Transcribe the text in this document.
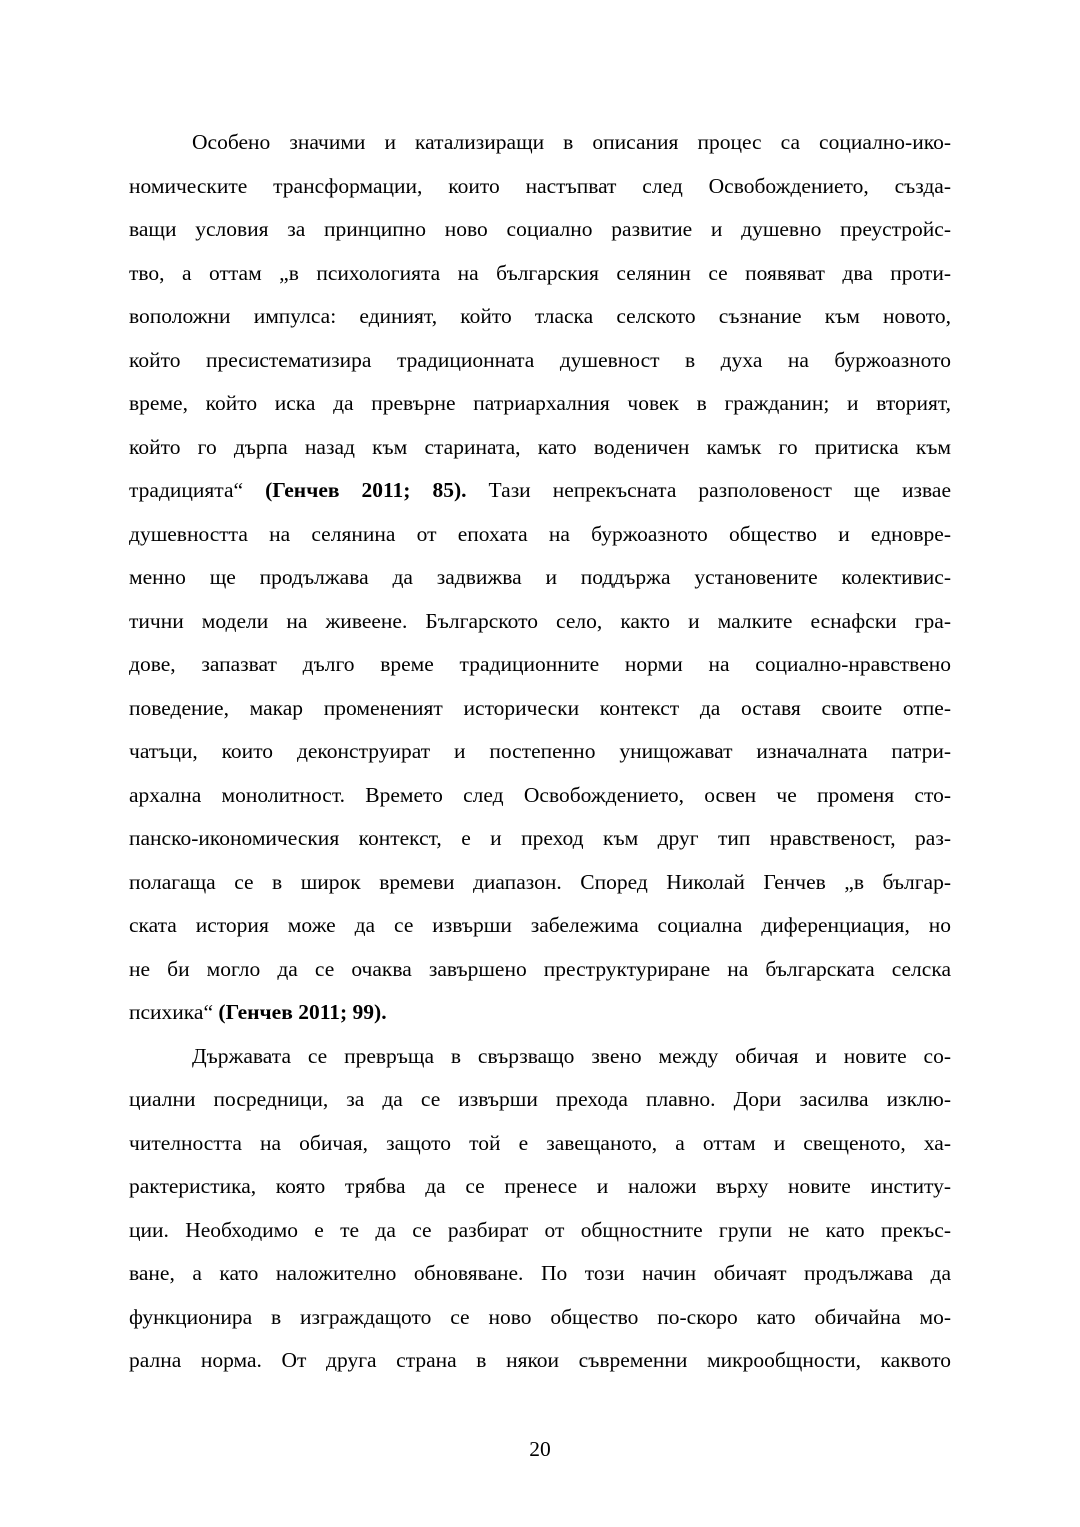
Особено значими и катализиращи в описания процес са социално-ико-
номическите трансформации, които настъпват след Освобождението, създа-
ващи условия за принципно ново социално развитие и душевно преустройс-
тво, а оттам „в психологията на българския селянин се появяват два проти-
воположни импулса: единият, който тласка селското съзнание към новото,
който пресистематизира традиционната душевност в духа на буржоазното
време, който иска да превърне патриархалния човек в гражданин; и вторият,
който го дърпа назад към старината, като воденичен камък го притиска към
традицията“ (Генчев 2011; 85). Тази непрекъсната разполовеност ще извае
душевността на селянина от епохата на буржоазното общество и едновре-
менно ще продължава да задвижва и поддържа установените колективис-
тични модели на живеене. Българското село, както и малките еснафски гра-
дове, запазват дълго време традиционните норми на социално-нравствено
поведение, макар промененият исторически контекст да оставя своите отпе-
чатъци, които деконструират и постепенно унищожават изначалната патри-
архална монолитност. Времето след Освобождението, освен че променя сто-
панско-икономическия контекст, е и преход към друг тип нравственост, раз-
полагаща се в широк времеви диапазон. Според Николай Генчев „в българ-
ската история може да се извърши забележима социална диференциация, но
не би могло да се очаква завършено преструктуриране на българската селска
психика“ (Генчев 2011; 99).
Държавата се превръща в свързващо звено между обичая и новите со-
циални посредници, за да се извърши прехода плавно. Дори засилва изклю-
чителността на обичая, защото той е завещаното, а оттам и свещеното, ха-
рактеристика, която трябва да се пренесе и наложи върху новите институ-
ции. Необходимо е те да се разбират от общностните групи не като прекъс-
ване, а като наложително обновяване. По този начин обичаят продължава да
функционира в изграждащото се ново общество по-скоро като обичайна мо-
рална норма. От друга страна в някои съвременни микрообщности, каквото
20
